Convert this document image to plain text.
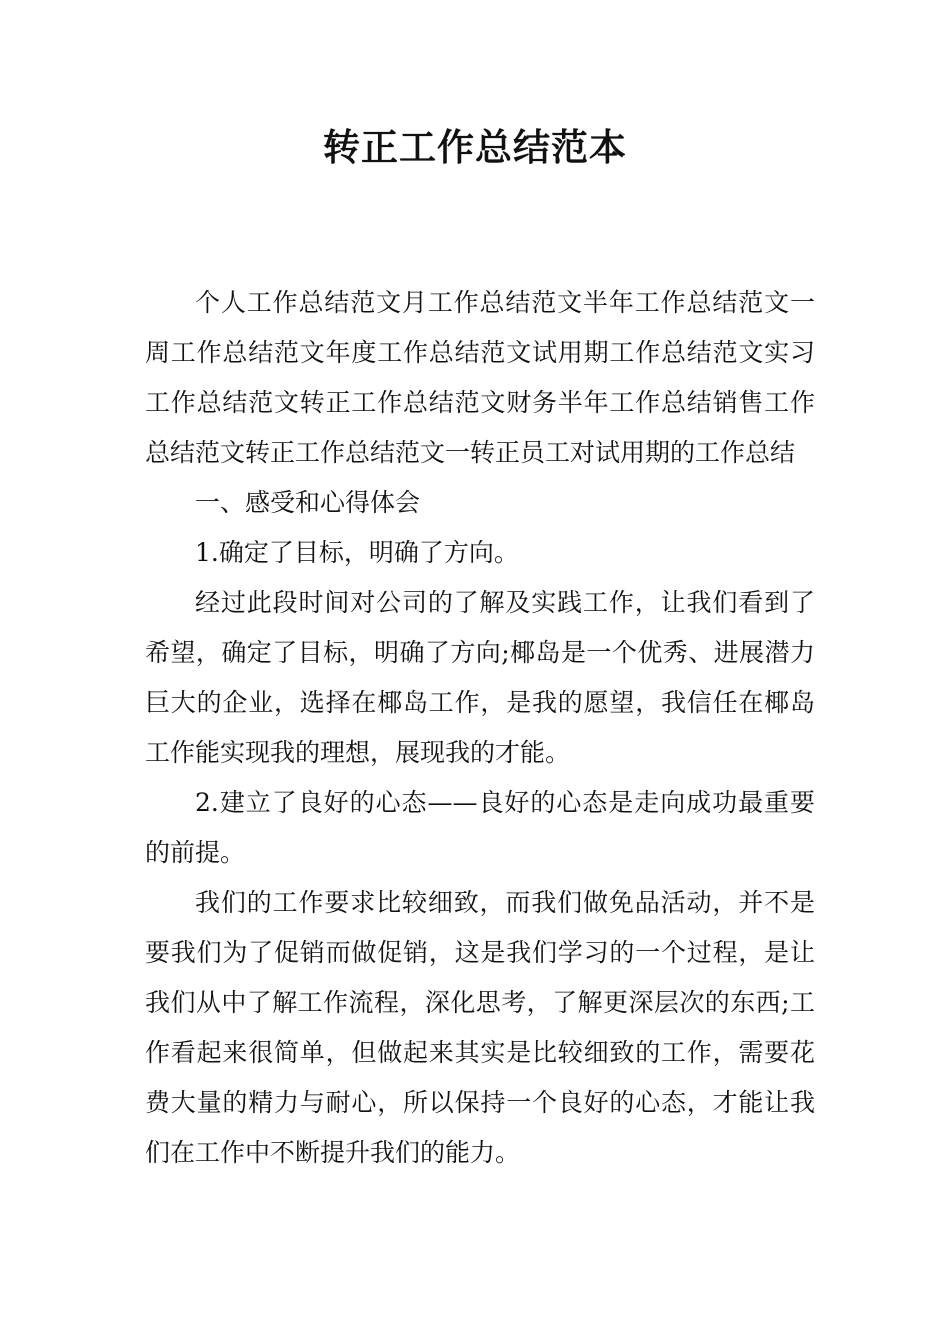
转正工作总结范本

个人工作总结范文月工作总结范文半年工作总结范文一周工作总结范文年度工作总结范文试用期工作总结范文实习工作总结范文转正工作总结范文财务半年工作总结销售工作总结范文转正工作总结范文一转正员工对试用期的工作总结

一、感受和心得体会

1.确定了目标，明确了方向。

经过此段时间对公司的了解及实践工作，让我们看到了希望，确定了目标，明确了方向;椰岛是一个优秀、进展潜力巨大的企业，选择在椰岛工作，是我的愿望，我信任在椰岛工作能实现我的理想，展现我的才能。

2.建立了良好的心态——良好的心态是走向成功最重要的前提。

我们的工作要求比较细致，而我们做免品活动，并不是要我们为了促销而做促销，这是我们学习的一个过程，是让我们从中了解工作流程，深化思考，了解更深层次的东西;工作看起来很简单，但做起来其实是比较细致的工作，需要花费大量的精力与耐心，所以保持一个良好的心态，才能让我们在工作中不断提升我们的能力。
